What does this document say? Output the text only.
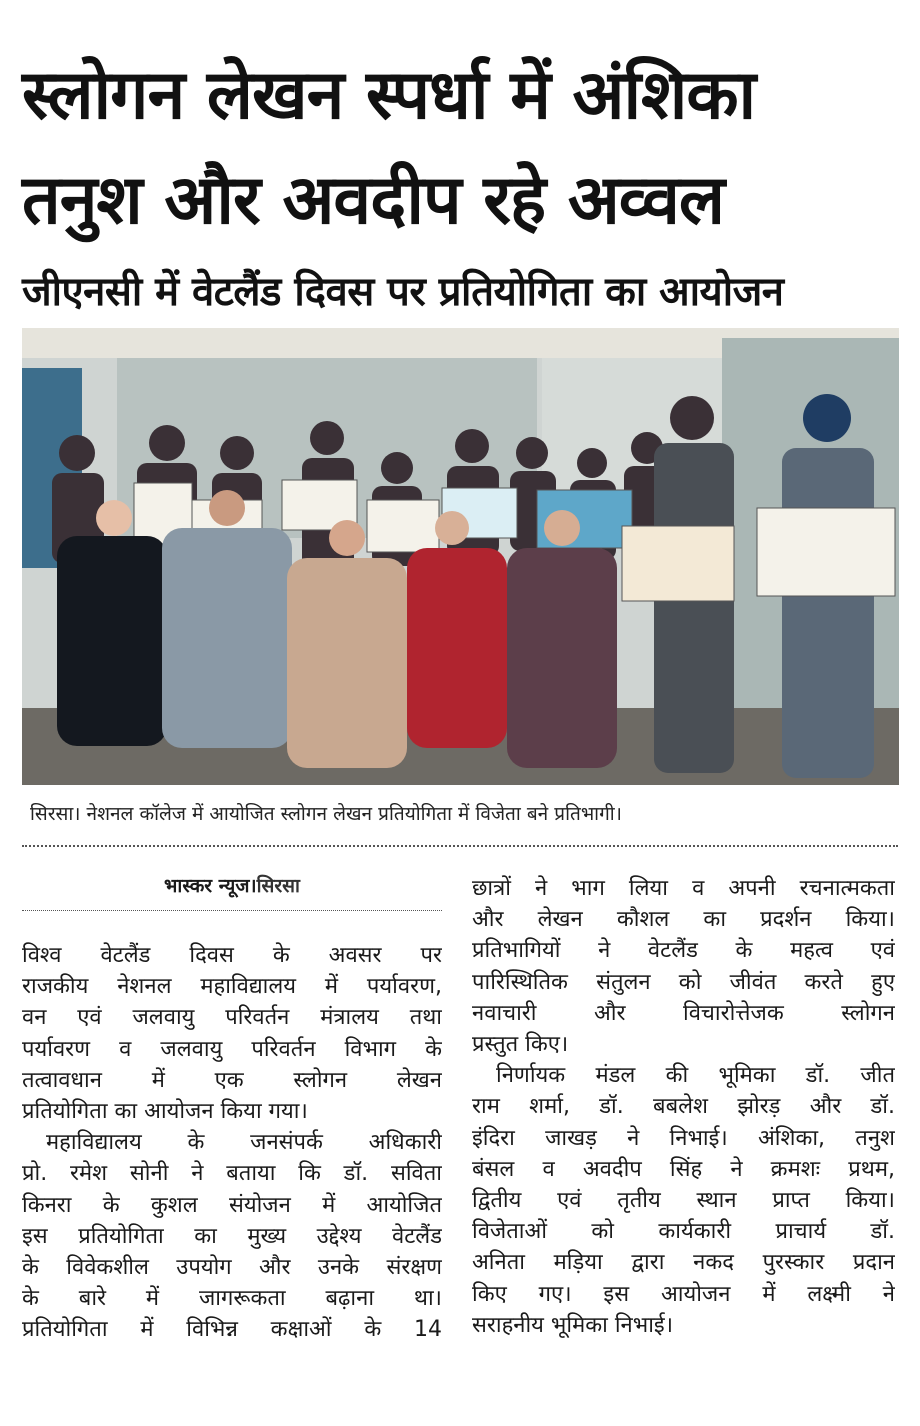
स्लोगन लेखन स्पर्धा में अंशिका
तनुश और अवदीप रहे अव्वल
जीएनसी में वेटलैंड दिवस पर प्रतियोगिता का आयोजन
सिरसा। नेशनल कॉलेज में आयोजित स्लोगन लेखन प्रतियोगिता में विजेता बने प्रतिभागी।
भास्कर न्यूज।सिरसा
विश्व वेटलैंड दिवस के अवसर पर
राजकीय नेशनल महाविद्यालय में पर्यावरण,
वन एवं जलवायु परिवर्तन मंत्रालय तथा
पर्यावरण व जलवायु परिवर्तन विभाग के
तत्वावधान में एक स्लोगन लेखन
प्रतियोगिता का आयोजन किया गया।
महाविद्यालय के जनसंपर्क अधिकारी
प्रो. रमेश सोनी ने बताया कि डॉ. सविता
किनरा के कुशल संयोजन में आयोजित
इस प्रतियोगिता का मुख्य उद्देश्य वेटलैंड
के विवेकशील उपयोग और उनके संरक्षण
के बारे में जागरूकता बढ़ाना था।
प्रतियोगिता में विभिन्न कक्षाओं के 14
छात्रों ने भाग लिया व अपनी रचनात्मकता
और लेखन कौशल का प्रदर्शन किया।
प्रतिभागियों ने वेटलैंड के महत्व एवं
पारिस्थितिक संतुलन को जीवंत करते हुए
नवाचारी और विचारोत्तेजक स्लोगन
प्रस्तुत किए।
निर्णायक मंडल की भूमिका डॉ. जीत
राम शर्मा, डॉ. बबलेश झोरड़ और डॉ.
इंदिरा जाखड़ ने निभाई। अंशिका, तनुश
बंसल व अवदीप सिंह ने क्रमशः प्रथम,
द्वितीय एवं तृतीय स्थान प्राप्त किया।
विजेताओं को कार्यकारी प्राचार्य डॉ.
अनिता मड़िया द्वारा नकद पुरस्कार प्रदान
किए गए। इस आयोजन में लक्ष्मी ने
सराहनीय भूमिका निभाई।
